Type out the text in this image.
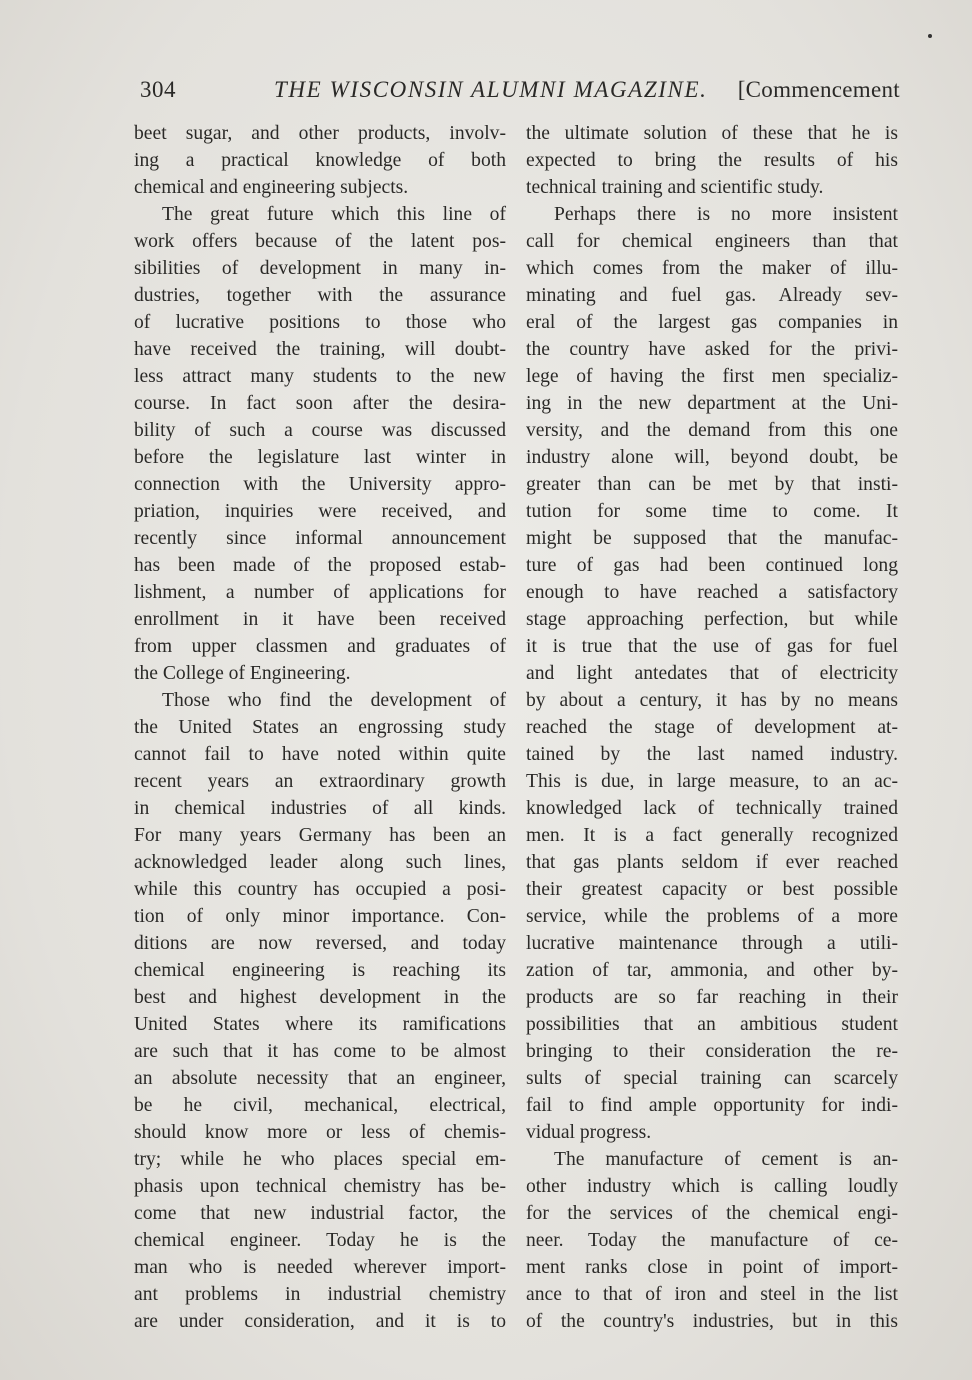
304	THE WISCONSIN ALUMNI MAGAZINE. [Commencement
beet sugar, and other products, involv-
ing a practical knowledge of both
chemical and engineering subjects.
The great future which this line of
work offers because of the latent pos-
sibilities of development in many in-
dustries, together with the assurance
of lucrative positions to those who
have received the training, will doubt-
less attract many students to the new
course. In fact soon after the desira-
bility of such a course was discussed
before the legislature last winter in
connection with the University appro-
priation, inquiries were received, and
recently since informal announcement
has been made of the proposed estab-
lishment, a number of applications for
enrollment in it have been received
from upper classmen and graduates of
the College of Engineering.
Those who find the development of
the United States an engrossing study
cannot fail to have noted within quite
recent years an extraordinary growth
in chemical industries of all kinds.
For many years Germany has been an
acknowledged leader along such lines,
while this country has occupied a posi-
tion of only minor importance. Con-
ditions are now reversed, and today
chemical engineering is reaching its
best and highest development in the
United States where its ramifications
are such that it has come to be almost
an absolute necessity that an engineer,
be he civil, mechanical, electrical,
should know more or less of chemis-
try; while he who places special em-
phasis upon technical chemistry has be-
come that new industrial factor, the
chemical engineer. Today he is the
man who is needed wherever import-
ant problems in industrial chemistry
are under consideration, and it is to
the ultimate solution of these that he is
expected to bring the results of his
technical training and scientific study.
Perhaps there is no more insistent
call for chemical engineers than that
which comes from the maker of illu-
minating and fuel gas. Already sev-
eral of the largest gas companies in
the country have asked for the privi-
lege of having the first men specializ-
ing in the new department at the Uni-
versity, and the demand from this one
industry alone will, beyond doubt, be
greater than can be met by that insti-
tution for some time to come. It
might be supposed that the manufac-
ture of gas had been continued long
enough to have reached a satisfactory
stage approaching perfection, but while
it is true that the use of gas for fuel
and light antedates that of electricity
by about a century, it has by no means
reached the stage of development at-
tained by the last named industry.
This is due, in large measure, to an ac-
knowledged lack of technically trained
men. It is a fact generally recognized
that gas plants seldom if ever reached
their greatest capacity or best possible
service, while the problems of a more
lucrative maintenance through a utili-
zation of tar, ammonia, and other by-
products are so far reaching in their
possibilities that an ambitious student
bringing to their consideration the re-
sults of special training can scarcely
fail to find ample opportunity for indi-
vidual progress.
The manufacture of cement is an-
other industry which is calling loudly
for the services of the chemical engi-
neer. Today the manufacture of ce-
ment ranks close in point of import-
ance to that of iron and steel in the list
of the country's industries, but in this
